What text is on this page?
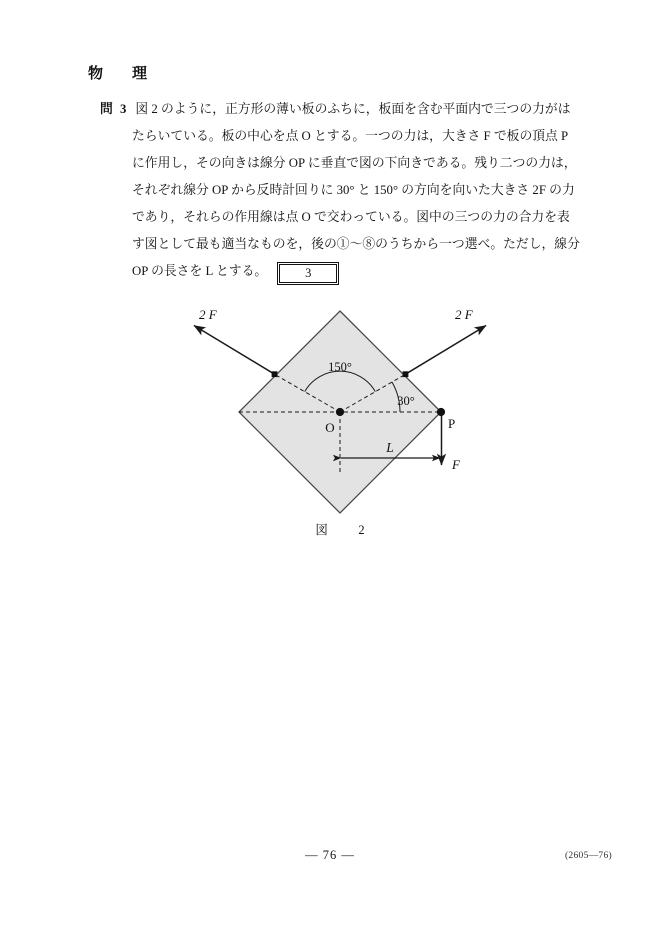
物　理
問 3 図 2 のように，正方形の薄い板のふちに，板面を含む平面内で三つの力がは
たらいている。板の中心を点 O とする。一つの力は，大きさ F で板の頂点 P
に作用し，その向きは線分 OP に垂直で図の下向きである。残り二つの力は，
それぞれ線分 OP から反時計回りに 30° と 150° の方向を向いた大きさ 2F の力
であり，それらの作用線は点 O で交わっている。図中の三つの力の合力を表
す図として最も適当なものを，後の①～⑧のうちから一つ選べ。ただし，線分
OP の長さを L とする。	3
O	P
F
2 F	2 F
150°
30°
L
図　2
— 76 —	(2605—76)
